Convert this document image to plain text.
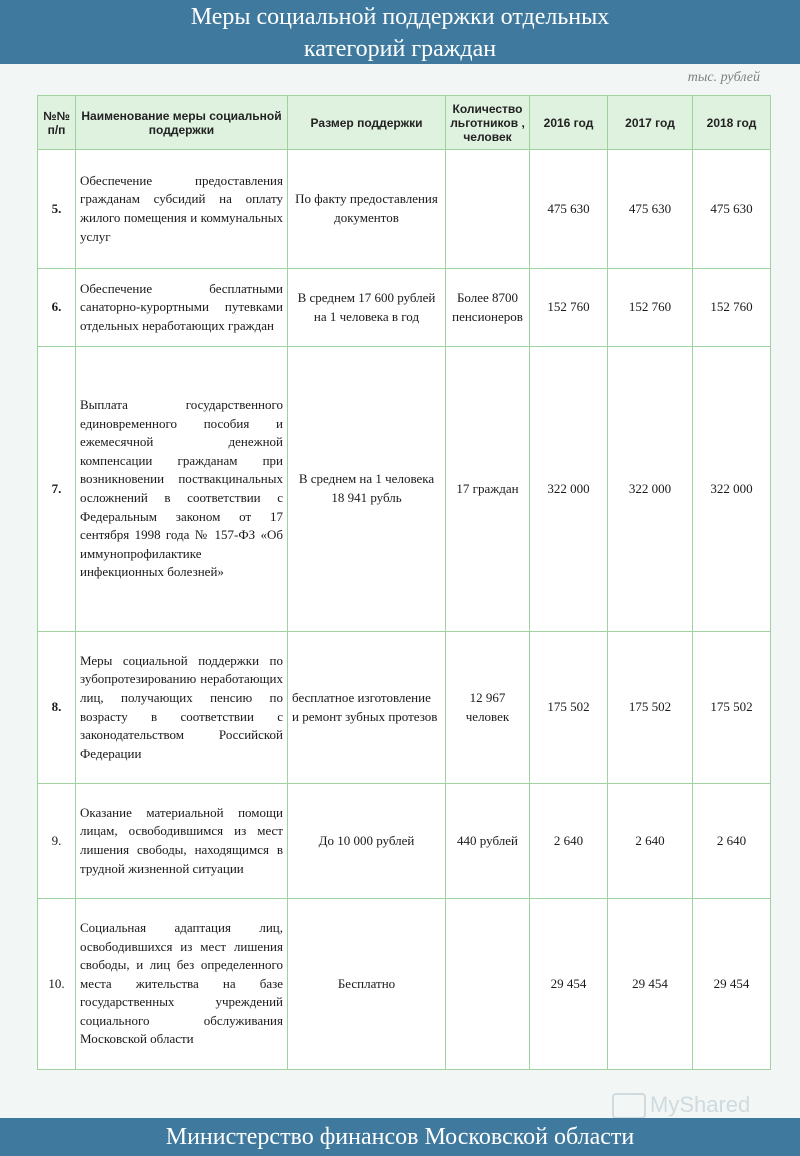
Меры социальной поддержки отдельных
категорий граждан
тыс. рублей
№№ п/п	Наименование меры социальной поддержки	Размер поддержки	Количество льготников , человек	2016 год	2017 год	2018 год
5.	Обеспечение предоставления гражданам субсидий на оплату жилого помещения и коммунальных услуг	По факту предоставления документов		475 630	475 630	475 630
6.	Обеспечение бесплатными санаторно-курортными путевками отдельных неработающих граждан	В среднем 17 600 рублей на 1 человека в год	Более 8700 пенсионеров	152 760	152 760	152 760
7.	Выплата государственного единовременного пособия и ежемесячной денежной компенсации гражданам при возникновении поствакцинальных осложнений в соответствии с Федеральным законом от 17 сентября 1998 года № 157-ФЗ «Об иммунопрофилактике инфекционных болезней»	В среднем на 1 человека 18 941 рубль	17 граждан	322 000	322 000	322 000
8.	Меры социальной поддержки по зубопротезированию неработающих лиц, получающих пенсию по возрасту в соответствии с законодательством Российской Федерации	бесплатное изготовление и ремонт зубных протезов	12 967 человек	175 502	175 502	175 502
9.	Оказание материальной помощи лицам, освободившимся из мест лишения свободы, находящимся в трудной жизненной ситуации	До 10 000 рублей	440 рублей	2 640	2 640	2 640
10.	Социальная адаптация лиц, освободившихся из мест лишения свободы, и лиц без определенного места жительства на базе государственных учреждений социального обслуживания Московской области	Бесплатно		29 454	29 454	29 454
MyShared
Министерство финансов Московской области
